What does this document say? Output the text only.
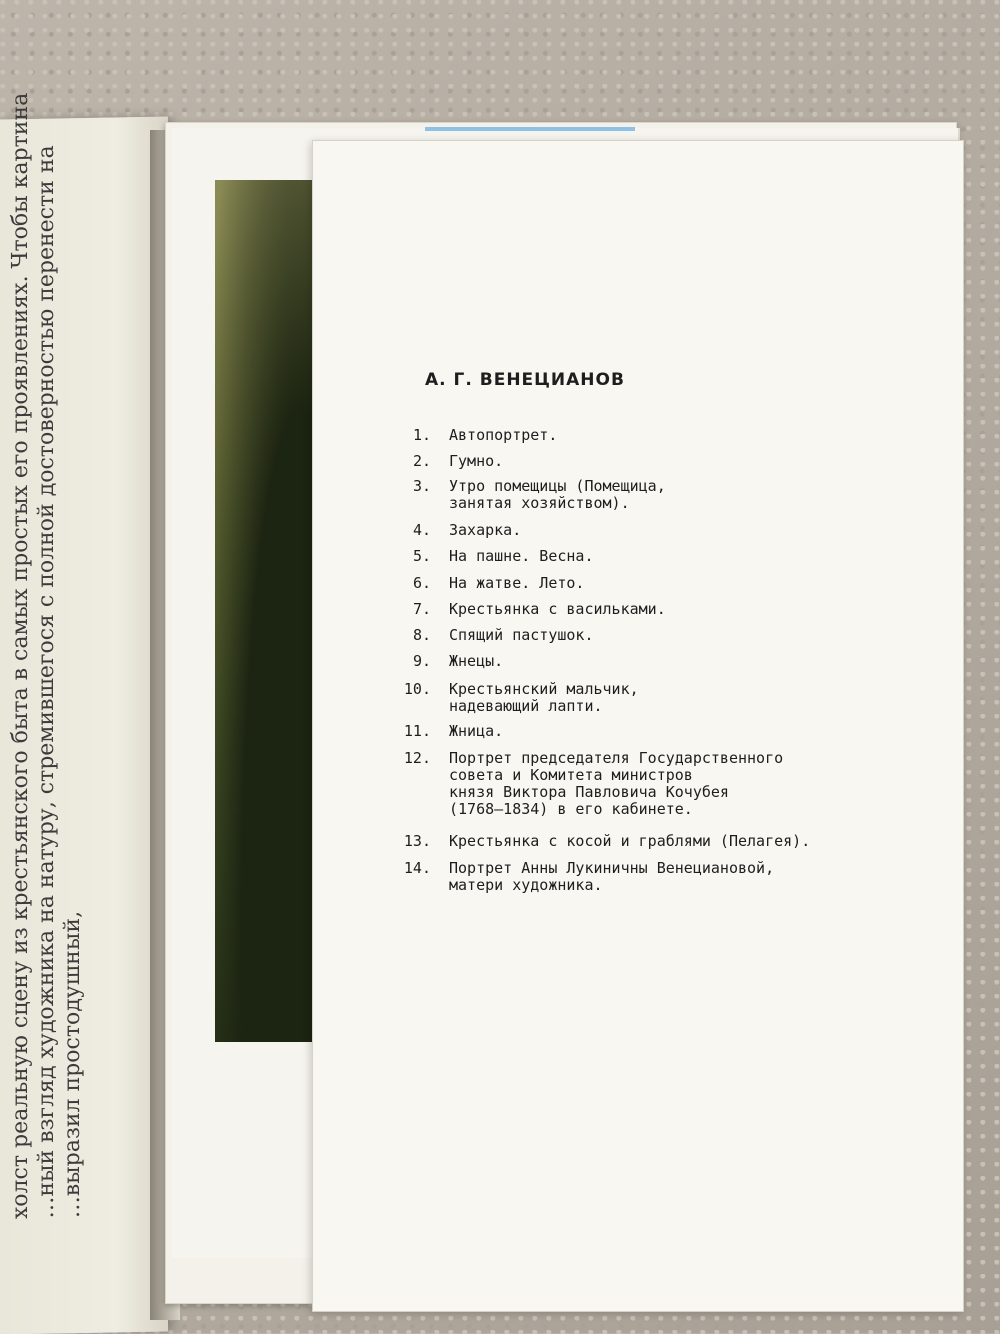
холст реальную сцену из крестьянского быта в самых простых его проявлениях. Чтобы картина …ный взгляд художника на натуру, стремившегося с полной достоверностью перенести на …выразил простодушный,
А. Г. ВЕНЕЦИАНОВ
1. Автопортрет.
2. Гумно.
3. Утро помещицы (Помещица,
занятая хозяйством).
4. Захарка.
5. На пашне. Весна.
6. На жатве. Лето.
7. Крестьянка с васильками.
8. Спящий пастушок.
9. Жнецы.
10. Крестьянский мальчик,
надевающий лапти.
11. Жница.
12. Портрет председателя Государственного
совета и Комитета министров
князя Виктора Павловича Кочубея
(1768—1834) в его кабинете.
13. Крестьянка с косой и граблями (Пелагея).
14. Портрет Анны Лукиничны Венециановой,
матери художника.
